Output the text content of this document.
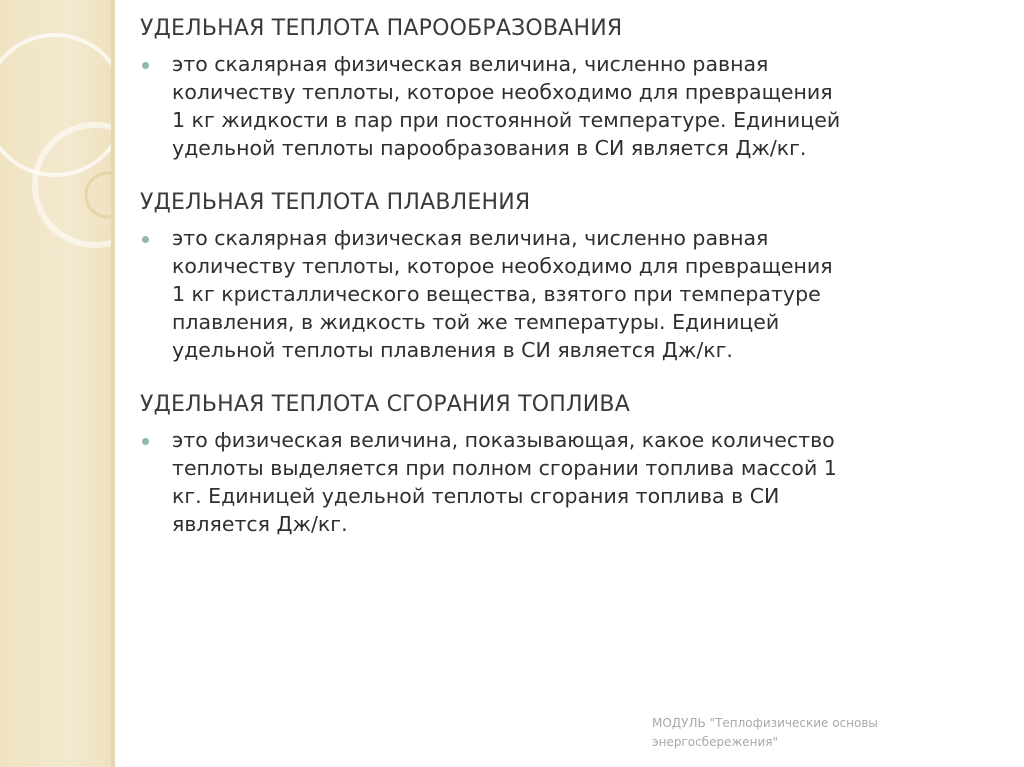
УДЕЛЬНАЯ ТЕПЛОТА ПАРООБРАЗОВАНИЯ
это скалярная физическая величина, численно равная
количеству теплоты, которое необходимо для превращения
1 кг жидкости в пар при постоянной температуре. Единицей
удельной теплоты парообразования в СИ является Дж/кг.
УДЕЛЬНАЯ ТЕПЛОТА ПЛАВЛЕНИЯ
это скалярная физическая величина, численно равная
количеству теплоты, которое необходимо для превращения
1 кг кристаллического вещества, взятого при температуре
плавления, в жидкость той же температуры. Единицей
удельной теплоты плавления в СИ является Дж/кг.
УДЕЛЬНАЯ ТЕПЛОТА СГОРАНИЯ ТОПЛИВА
это физическая величина, показывающая, какое количество
теплоты выделяется при полном сгорании топлива массой 1
кг. Единицей удельной теплоты сгорания топлива в СИ
является Дж/кг.
МОДУЛЬ "Теплофизические основы
энергосбережения"
